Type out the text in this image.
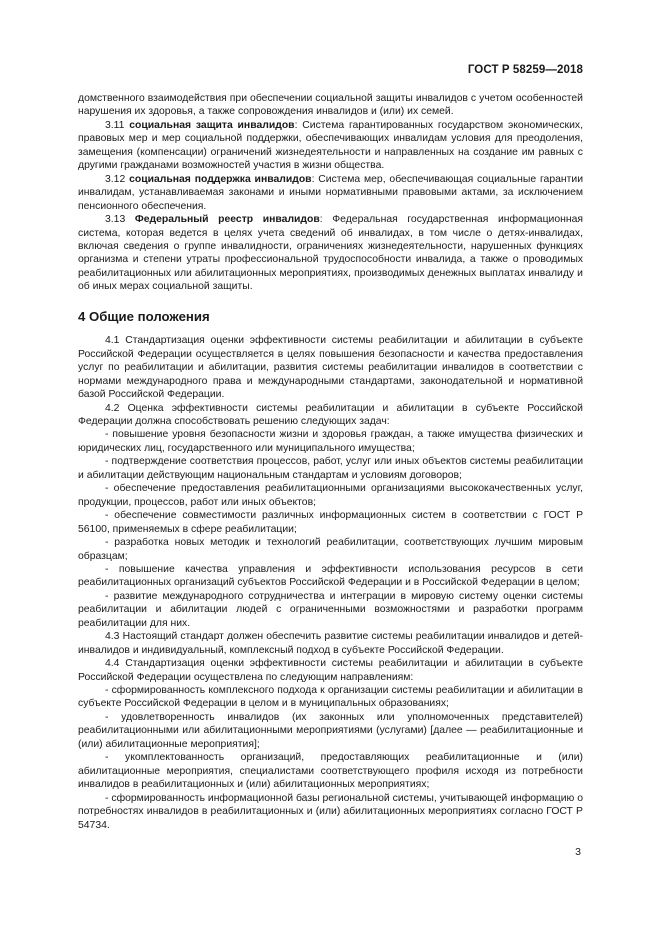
ГОСТ Р 58259—2018

домственного взаимодействия при обеспечении социальной защиты инвалидов с учетом особенностей нарушения их здоровья, а также сопровождения инвалидов и (или) их семей.

3.11 социальная защита инвалидов: Система гарантированных государством экономических, правовых мер и мер социальной поддержки, обеспечивающих инвалидам условия для преодоления, замещения (компенсации) ограничений жизнедеятельности и направленных на создание им равных с другими гражданами возможностей участия в жизни общества.

3.12 социальная поддержка инвалидов: Система мер, обеспечивающая социальные гарантии инвалидам, устанавливаемая законами и иными нормативными правовыми актами, за исключением пенсионного обеспечения.

3.13 Федеральный реестр инвалидов: Федеральная государственная информационная система, которая ведется в целях учета сведений об инвалидах, в том числе о детях-инвалидах, включая сведения о группе инвалидности, ограничениях жизнедеятельности, нарушенных функциях организма и степени утраты профессиональной трудоспособности инвалида, а также о проводимых реабилитационных или абилитационных мероприятиях, производимых денежных выплатах инвалиду и об иных мерах социальной защиты.

4 Общие положения

4.1 Стандартизация оценки эффективности системы реабилитации и абилитации в субъекте Российской Федерации осуществляется в целях повышения безопасности и качества предоставления услуг по реабилитации и абилитации, развития системы реабилитации инвалидов в соответствии с нормами международного права и международными стандартами, законодательной и нормативной базой Российской Федерации.

4.2 Оценка эффективности системы реабилитации и абилитации в субъекте Российской Федерации должна способствовать решению следующих задач:

- повышение уровня безопасности жизни и здоровья граждан, а также имущества физических и юридических лиц, государственного или муниципального имущества;

- подтверждение соответствия процессов, работ, услуг или иных объектов системы реабилитации и абилитации действующим национальным стандартам и условиям договоров;

- обеспечение предоставления реабилитационными организациями высококачественных услуг, продукции, процессов, работ или иных объектов;

- обеспечение совместимости различных информационных систем в соответствии с ГОСТ Р 56100, применяемых в сфере реабилитации;

- разработка новых методик и технологий реабилитации, соответствующих лучшим мировым образцам;

- повышение качества управления и эффективности использования ресурсов в сети реабилитационных организаций субъектов Российской Федерации и в Российской Федерации в целом;

- развитие международного сотрудничества и интеграции в мировую систему оценки системы реабилитации и абилитации людей с ограниченными возможностями и разработки программ реабилитации для них.

4.3 Настоящий стандарт должен обеспечить развитие системы реабилитации инвалидов и детей-инвалидов и индивидуальный, комплексный подход в субъекте Российской Федерации.

4.4 Стандартизация оценки эффективности системы реабилитации и абилитации в субъекте Российской Федерации осуществлена по следующим направлениям:

- сформированность комплексного подхода к организации системы реабилитации и абилитации в субъекте Российской Федерации в целом и в муниципальных образованиях;

- удовлетворенность инвалидов (их законных или уполномоченных представителей) реабилитационными или абилитационными мероприятиями (услугами) [далее — реабилитационные и (или) абилитационные мероприятия];

- укомплектованность организаций, предоставляющих реабилитационные и (или) абилитационные мероприятия, специалистами соответствующего профиля исходя из потребности инвалидов в реабилитационных и (или) абилитационных мероприятиях;

- сформированность информационной базы региональной системы, учитывающей информацию о потребностях инвалидов в реабилитационных и (или) абилитационных мероприятиях согласно ГОСТ Р 54734.

3
